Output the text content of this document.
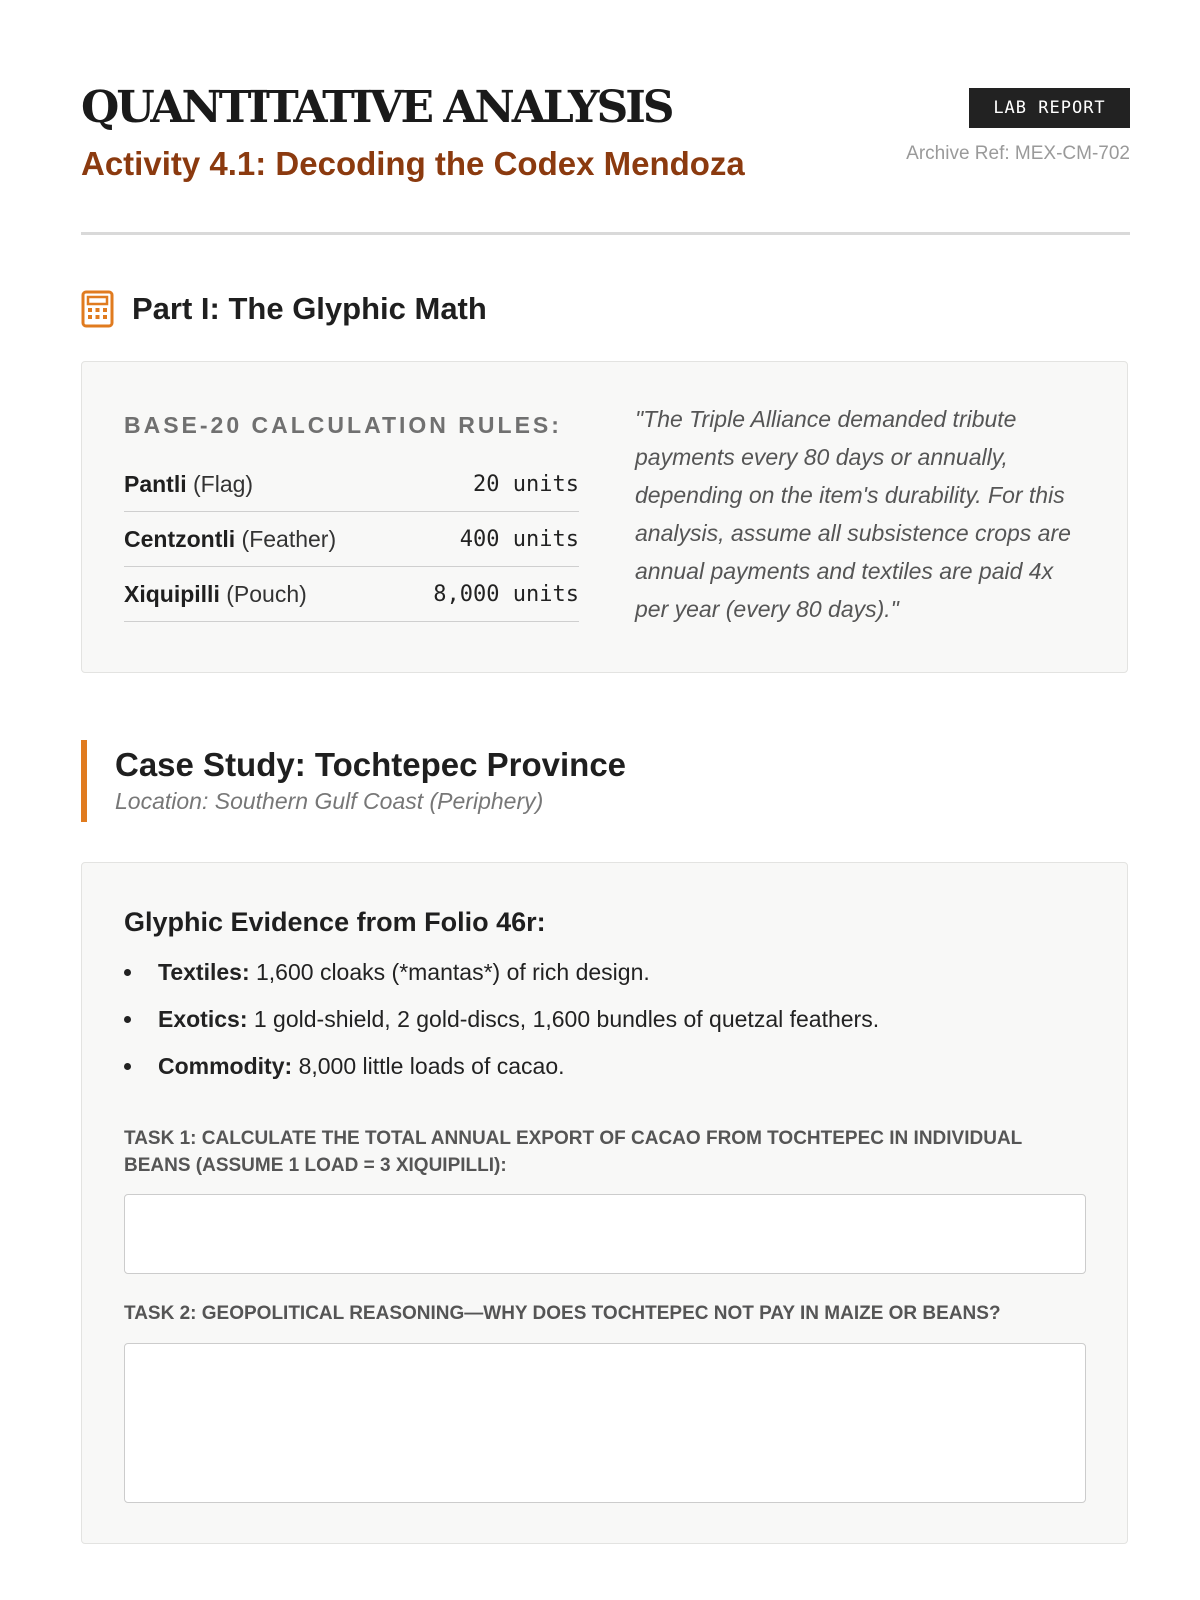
QUANTITATIVE ANALYSIS
Activity 4.1: Decoding the Codex Mendoza
LAB REPORT
Archive Ref: MEX-CM-702
Part I: The Glyphic Math
BASE-20 CALCULATION RULES:
Pantli (Flag)	20 units
Centzontli (Feather)	400 units
Xiquipilli (Pouch)	8,000 units

"The Triple Alliance demanded tribute payments every 80 days or annually, depending on the item's durability. For this analysis, assume all subsistence crops are annual payments and textiles are paid 4x per year (every 80 days)."

Case Study: Tochtepec Province

Location: Southern Gulf Coast (Periphery)

Glyphic Evidence from Folio 46r:
Textiles: 1,600 cloaks (*mantas*) of rich design.
Exotics: 1 gold-shield, 2 gold-discs, 1,600 bundles of quetzal feathers.
Commodity: 8,000 little loads of cacao.

TASK 1: CALCULATE THE TOTAL ANNUAL EXPORT OF CACAO FROM TOCHTEPEC IN INDIVIDUAL BEANS (ASSUME 1 LOAD = 3 XIQUIPILLI):

TASK 2: GEOPOLITICAL REASONING—WHY DOES TOCHTEPEC NOT PAY IN MAIZE OR BEANS?
